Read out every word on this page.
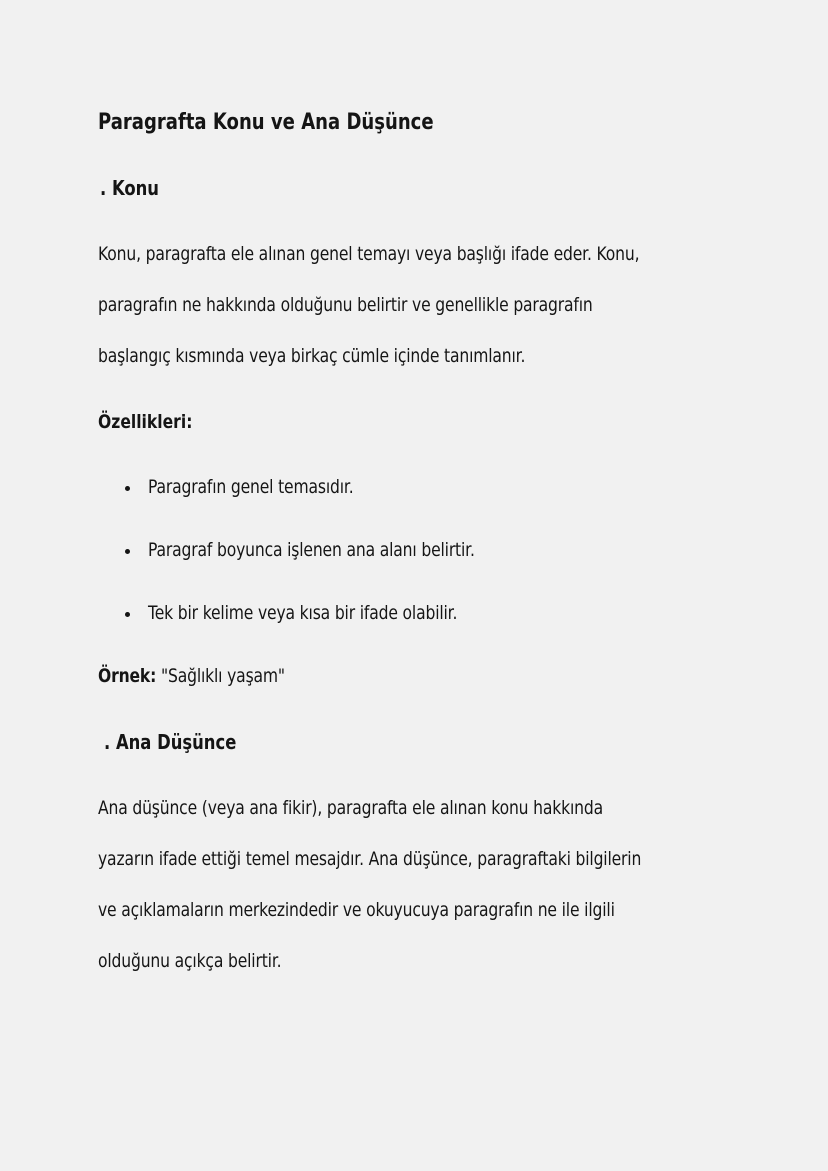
Paragrafta Konu ve Ana Düşünce
. Konu

Konu, paragrafta ele alınan genel temayı veya başlığı ifade eder. Konu,

paragrafın ne hakkında olduğunu belirtir ve genellikle paragrafın

başlangıç kısmında veya birkaç cümle içinde tanımlanır.

Özellikleri:

Paragrafın genel temasıdır.
Paragraf boyunca işlenen ana alanı belirtir.
Tek bir kelime veya kısa bir ifade olabilir.

Örnek: "Sağlıklı yaşam"

. Ana Düşünce

Ana düşünce (veya ana fikir), paragrafta ele alınan konu hakkında

yazarın ifade ettiği temel mesajdır. Ana düşünce, paragraftaki bilgilerin

ve açıklamaların merkezindedir ve okuyucuya paragrafın ne ile ilgili

olduğunu açıkça belirtir.
